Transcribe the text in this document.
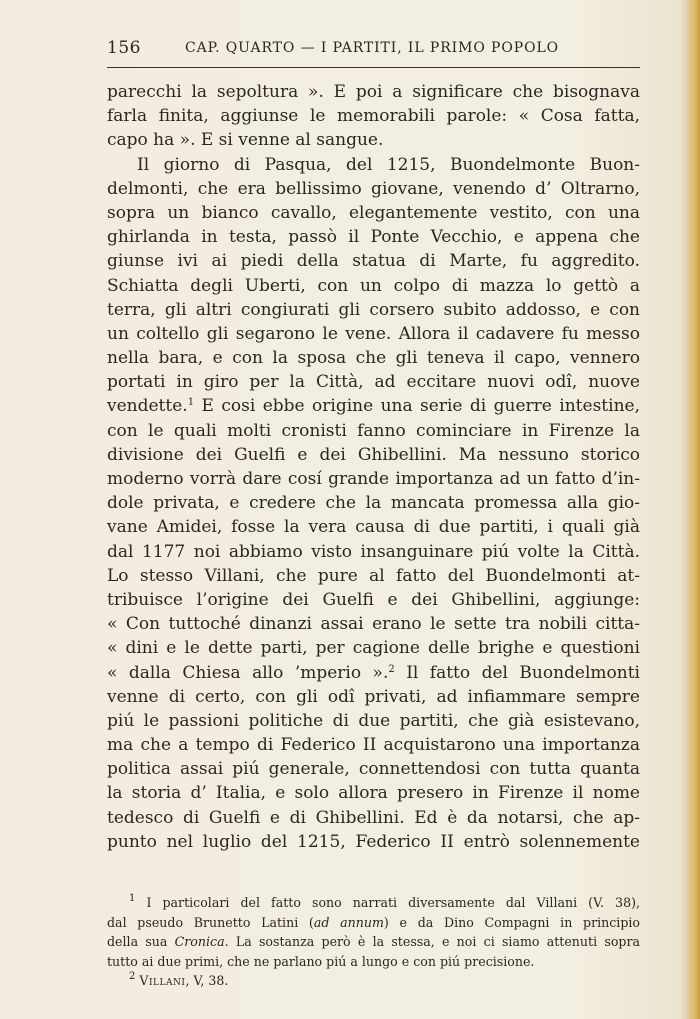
156	CAP. QUARTO — I PARTITI, IL PRIMO POPOLO
parecchi la sepoltura ». E poi a significare che bisognava
farla finita, aggiunse le memorabili parole: « Cosa fatta,
capo ha ». E si venne al sangue.
Il giorno di Pasqua, del 1215, Buondelmonte Buon-
delmonti, che era bellissimo giovane, venendo d’ Oltrarno,
sopra un bianco cavallo, elegantemente vestito, con una
ghirlanda in testa, passò il Ponte Vecchio, e appena che
giunse ivi ai piedi della statua di Marte, fu aggredito.
Schiatta degli Uberti, con un colpo di mazza lo gettò a
terra, gli altri congiurati gli corsero subito addosso, e con
un coltello gli segarono le vene. Allora il cadavere fu messo
nella bara, e con la sposa che gli teneva il capo, vennero
portati in giro per la Città, ad eccitare nuovi odî, nuove
vendette.$^1$ E cosi ebbe origine una serie di guerre intestine,
con le quali molti cronisti fanno cominciare in Firenze la
divisione dei Guelfi e dei Ghibellini. Ma nessuno storico
moderno vorrà dare cosí grande importanza ad un fatto d’in-
dole privata, e credere che la mancata promessa alla gio-
vane Amidei, fosse la vera causa di due partiti, i quali già
dal 1177 noi abbiamo visto insanguinare piú volte la Città.
Lo stesso Villani, che pure al fatto del Buondelmonti at-
tribuisce l’origine dei Guelfi e dei Ghibellini, aggiunge:
« Con tuttoché dinanzi assai erano le sette tra nobili citta-
« dini e le dette parti, per cagione delle brighe e questioni
« dalla Chiesa allo ’mperio ».$^2$ Il fatto del Buondelmonti
venne di certo, con gli odî privati, ad infiammare sempre
piú le passioni politiche di due partiti, che già esistevano,
ma che a tempo di Federico II acquistarono una importanza
politica assai piú generale, connettendosi con tutta quanta
la storia d’ Italia, e solo allora presero in Firenze il nome
tedesco di Guelfi e di Ghibellini. Ed è da notarsi, che ap-
punto nel luglio del 1215, Federico II entrò solennemente
$^1$ I particolari del fatto sono narrati diversamente dal Villani (V. 38),
dal pseudo Brunetto Latini (ad annum) e da Dino Compagni in principio
della sua Cronica. La sostanza però è la stessa, e noi ci siamo attenuti sopra
tutto ai due primi, che ne parlano piú a lungo e con piú precisione.
$^2$ Villani, V, 38.
